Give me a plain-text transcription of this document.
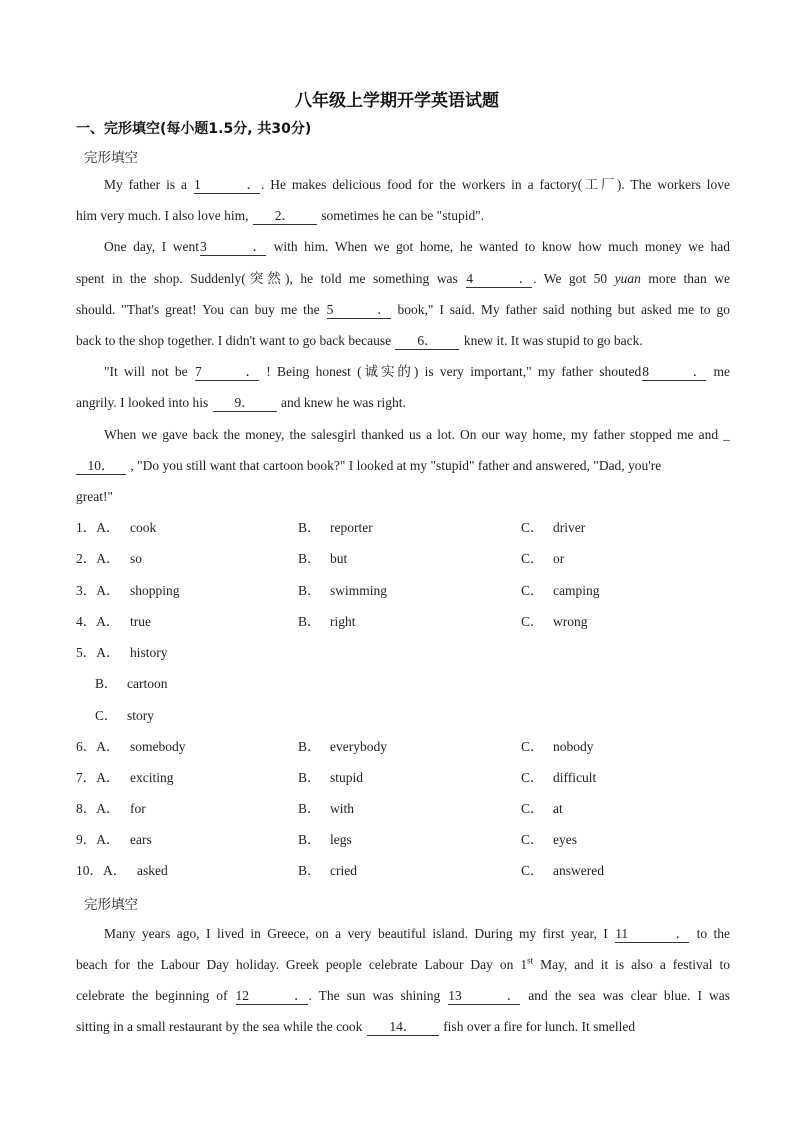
八年级上学期开学英语试题
一、完形填空(每小题1.5分, 共30分)
完形填空
My father is a 1．. He makes delicious food for the workers in a factory(工厂). The workers love
him very much. I also love him, 2． sometimes he can be "stupid".
One day, I went3． with him. When we got home, he wanted to know how much money we had
spent in the shop. Suddenly(突然), he told me something was 4．. We got 50 yuan more than we
should. "That's great! You can buy me the 5． book," I said. My father said nothing but asked me to go
back to the shop together. I didn't want to go back because 6． knew it. It was stupid to go back.
"It will not be 7． ! Being honest (诚实的) is very important," my father shouted8． me
angrily. I looked into his 9． and knew he was right.
When we gave back the money, the salesgirl thanked us a lot. On our way home, my father stopped me and _
10． , "Do you still want that cartoon book?" I looked at my "stupid" father and answered, "Dad, you're
great!"
1．A． cook	B． reporter	C． driver
2．A． so	B． but	C． or
3．A． shopping	B． swimming	C． camping
4．A． true	B． right	C． wrong
5．A． history
B． cartoon
C． story
6．A． somebody	B． everybody	C． nobody
7．A． exciting	B． stupid	C． difficult
8．A． for	B． with	C． at
9．A． ears	B． legs	C． eyes
10．A． asked	B． cried	C． answered
完形填空
Many years ago, I lived in Greece, on a very beautiful island. During my first year, I 11． to the
beach for the Labour Day holiday. Greek people celebrate Labour Day on 1st May, and it is also a festival to
celebrate the beginning of 12．. The sun was shining 13． and the sea was clear blue. I was
sitting in a small restaurant by the sea while the cook 14． fish over a fire for lunch. It smelled
